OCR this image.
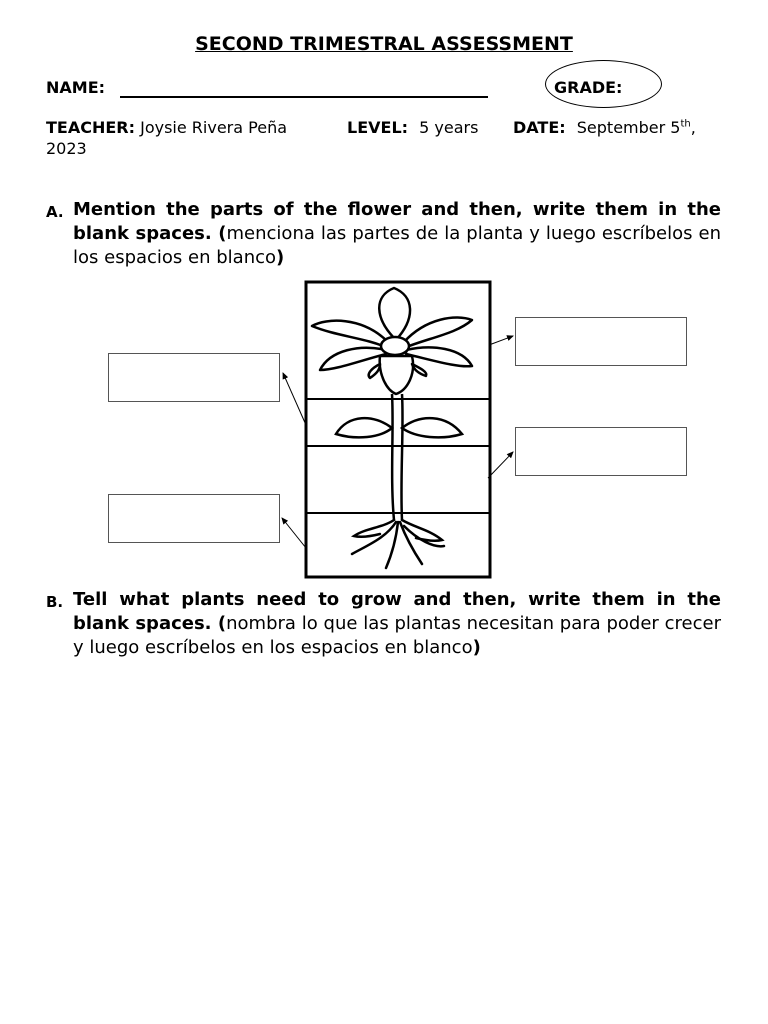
SECOND TRIMESTRAL ASSESSMENT
NAME:	GRADE:
TEACHER: Joysie Rivera Peña	LEVEL: 5 years DATE: September 5th,
2023
A. Mention the parts of the flower and then, write them in the blank spaces. (menciona las partes de la planta y luego escríbelos en los espacios en blanco)
B. Tell what plants need to grow and then, write them in the blank spaces. (nombra lo que las plantas necesitan para poder crecer y luego escríbelos en los espacios en blanco)
